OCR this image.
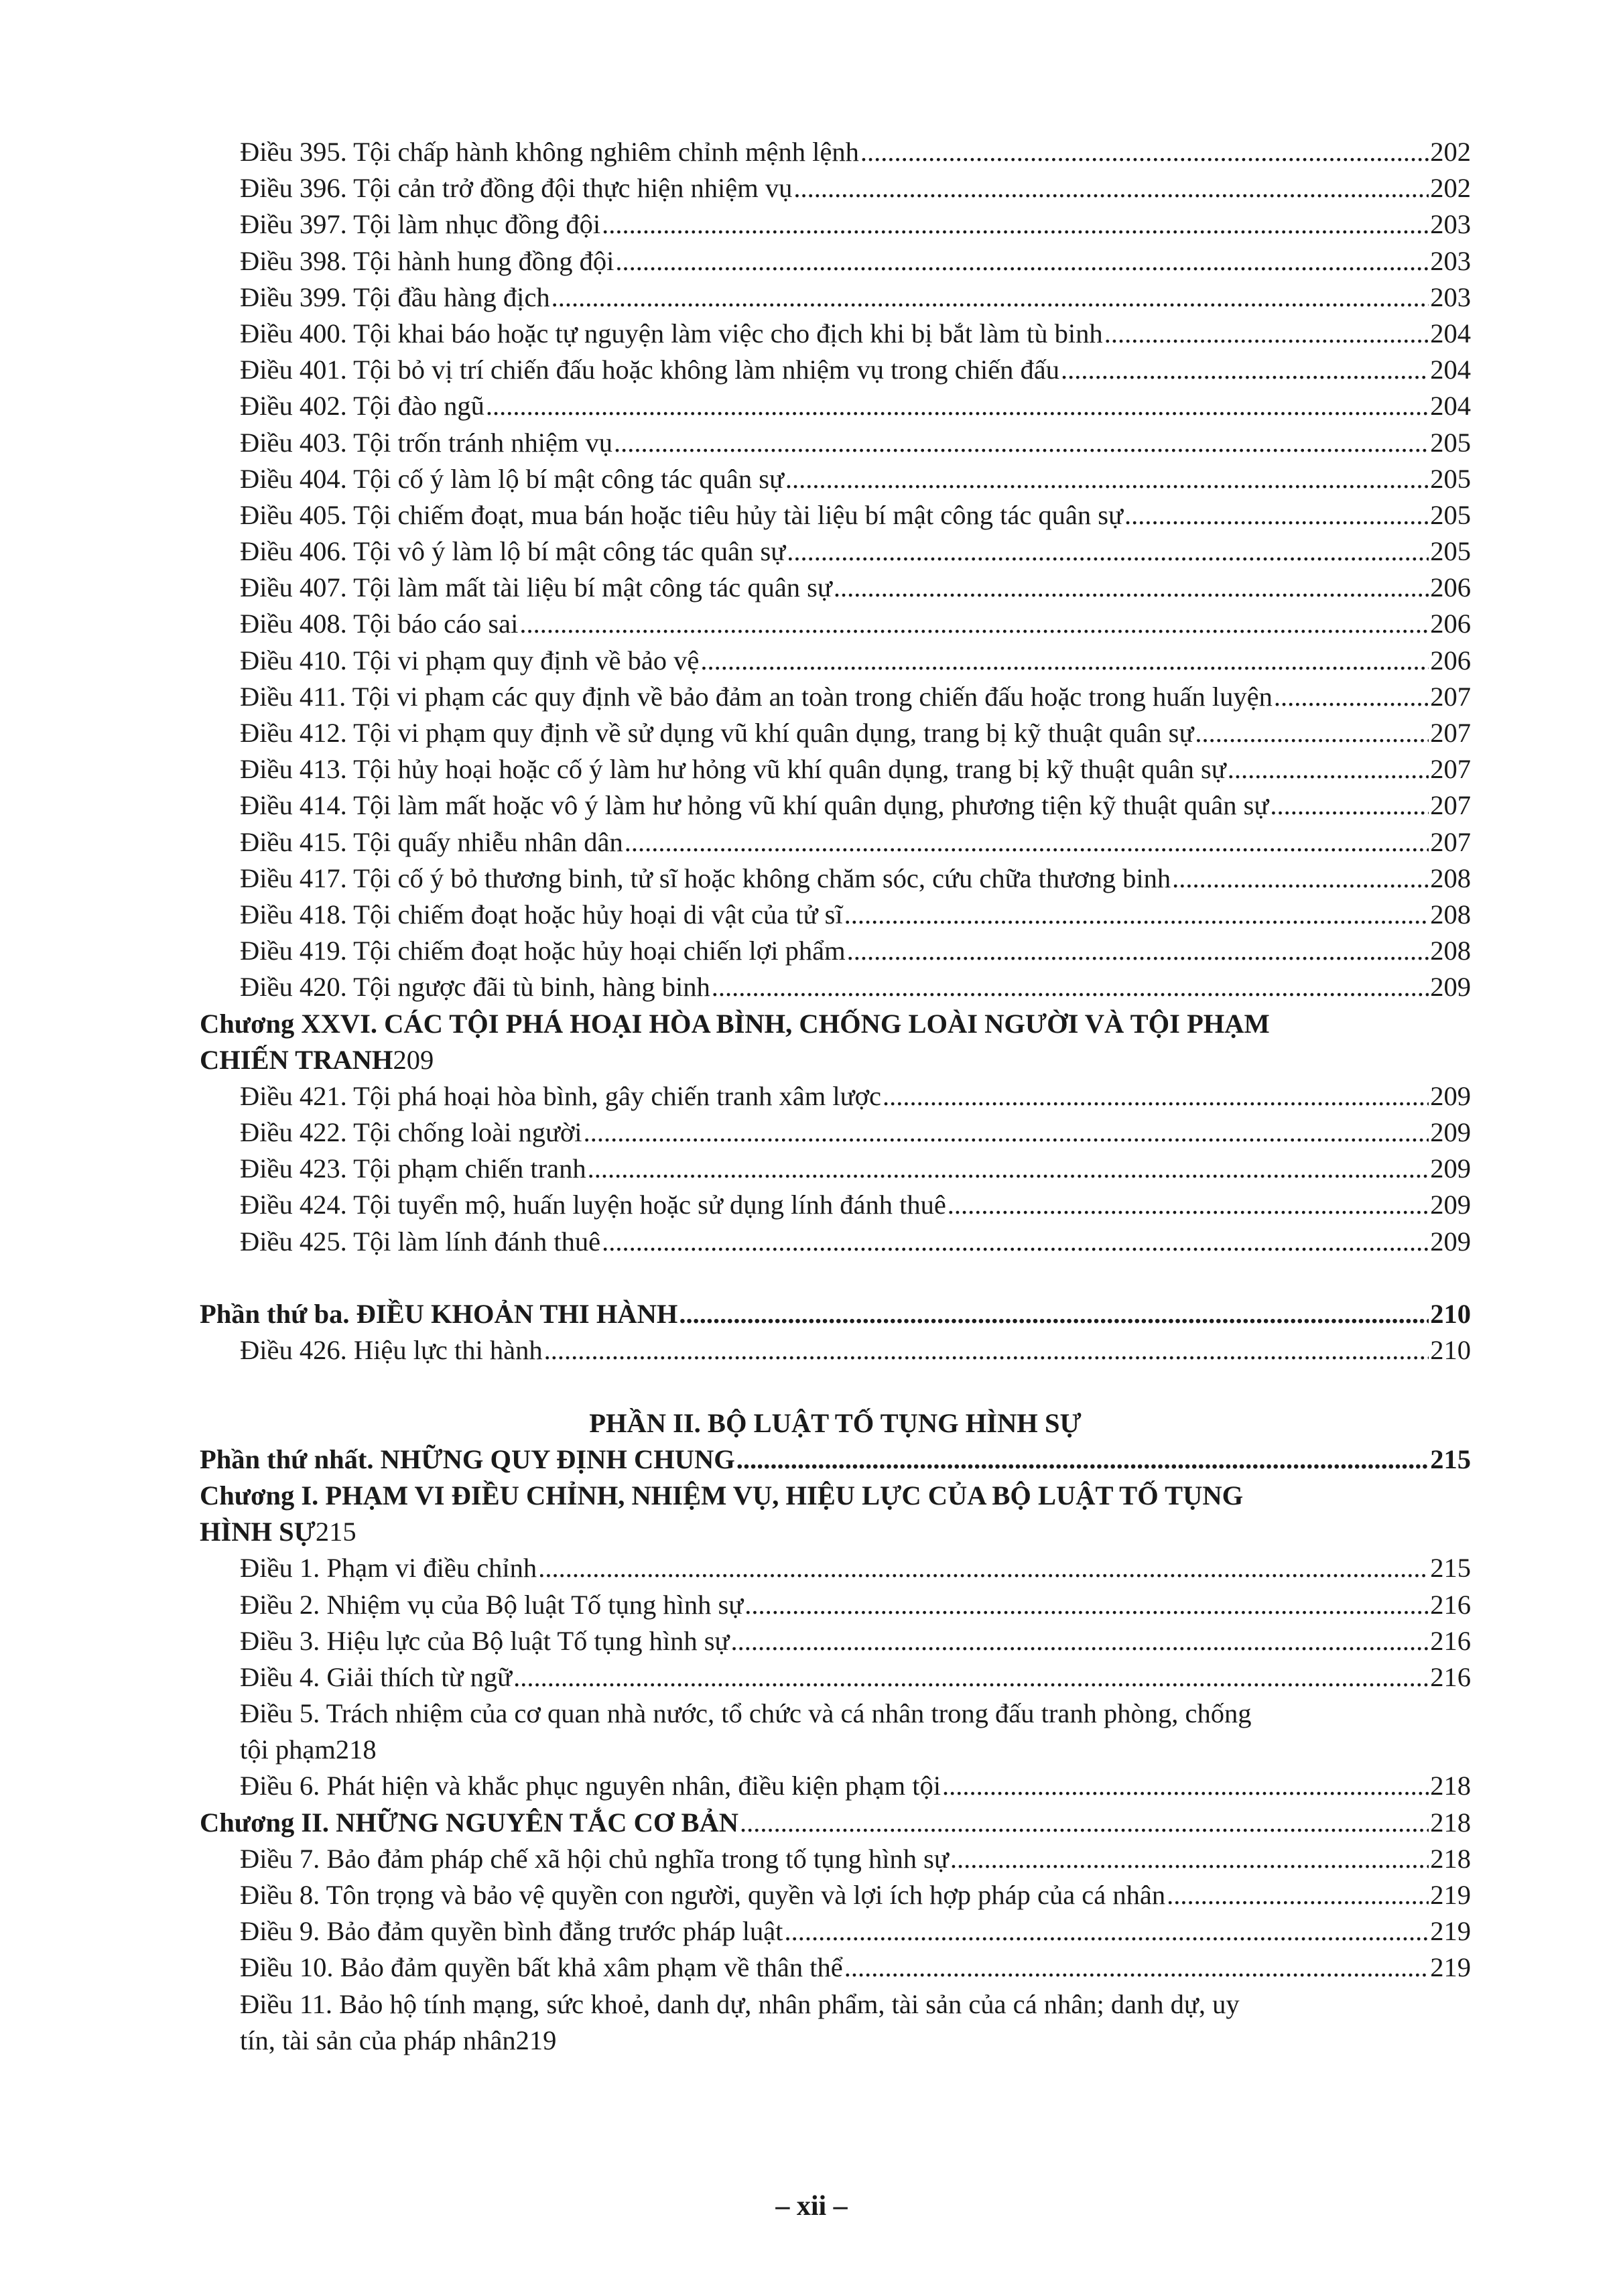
Điều 395. Tội chấp hành không nghiêm chỉnh mệnh lệnh .....	202
Điều 396. Tội cản trở đồng đội thực hiện nhiệm vụ .....	202
Điều 397. Tội làm nhục đồng đội .....	203
Điều 398. Tội hành hung đồng đội .....	203
Điều 399. Tội đầu hàng địch .....	203
Điều 400. Tội khai báo hoặc tự nguyện làm việc cho địch khi bị bắt làm tù binh .....	204
Điều 401. Tội bỏ vị trí chiến đấu hoặc không làm nhiệm vụ trong chiến đấu .....	204
Điều 402. Tội đào ngũ .....	204
Điều 403. Tội trốn tránh nhiệm vụ .....	205
Điều 404. Tội cố ý làm lộ bí mật công tác quân sự .....	205
Điều 405. Tội chiếm đoạt, mua bán hoặc tiêu hủy tài liệu bí mật công tác quân sự .....	205
Điều 406. Tội vô ý làm lộ bí mật công tác quân sự .....	205
Điều 407. Tội làm mất tài liệu bí mật công tác quân sự .....	206
Điều 408. Tội báo cáo sai .....	206
Điều 410. Tội vi phạm quy định về bảo vệ .....	206
Điều 411. Tội vi phạm các quy định về bảo đảm an toàn trong chiến đấu hoặc trong huấn luyện .....	207
Điều 412. Tội vi phạm quy định về sử dụng vũ khí quân dụng, trang bị kỹ thuật quân sự .....	207
Điều 413. Tội hủy hoại hoặc cố ý làm hư hỏng vũ khí quân dụng, trang bị kỹ thuật quân sự .....	207
Điều 414. Tội làm mất hoặc vô ý làm hư hỏng vũ khí quân dụng, phương tiện kỹ thuật quân sự .....	207
Điều 415. Tội quấy nhiễu nhân dân .....	207
Điều 417. Tội cố ý bỏ thương binh, tử sĩ hoặc không chăm sóc, cứu chữa thương binh .....	208
Điều 418. Tội chiếm đoạt hoặc hủy hoại di vật của tử sĩ .....	208
Điều 419. Tội chiếm đoạt hoặc hủy hoại chiến lợi phẩm .....	208
Điều 420. Tội ngược đãi tù binh, hàng binh .....	209
Chương XXVI. CÁC TỘI PHÁ HOẠI HÒA BÌNH, CHỐNG LOÀI NGƯỜI VÀ TỘI PHẠM
CHIẾN TRANH 209
Điều 421. Tội phá hoại hòa bình, gây chiến tranh xâm lược .....	209
Điều 422. Tội chống loài người .....	209
Điều 423. Tội phạm chiến tranh .....	209
Điều 424. Tội tuyển mộ, huấn luyện hoặc sử dụng lính đánh thuê .....	209
Điều 425. Tội làm lính đánh thuê .....	209
Phần thứ ba. ĐIỀU KHOẢN THI HÀNH .....	210
Điều 426. Hiệu lực thi hành .....	210
PHẦN II. BỘ LUẬT TỐ TỤNG HÌNH SỰ
Phần thứ nhất. NHỮNG QUY ĐỊNH CHUNG .....	215
Chương I. PHẠM VI ĐIỀU CHỈNH, NHIỆM VỤ, HIỆU LỰC CỦA BỘ LUẬT TỐ TỤNG
HÌNH SỰ 215
Điều 1. Phạm vi điều chỉnh .....	215
Điều 2. Nhiệm vụ của Bộ luật Tố tụng hình sự .....	216
Điều 3. Hiệu lực của Bộ luật Tố tụng hình sự .....	216
Điều 4. Giải thích từ ngữ .....	216
Điều 5. Trách nhiệm của cơ quan nhà nước, tổ chức và cá nhân trong đấu tranh phòng, chống
tội phạm 218
Điều 6. Phát hiện và khắc phục nguyên nhân, điều kiện phạm tội .....	218
Chương II. NHỮNG NGUYÊN TẮC CƠ BẢN .....	218
Điều 7. Bảo đảm pháp chế xã hội chủ nghĩa trong tố tụng hình sự .....	218
Điều 8. Tôn trọng và bảo vệ quyền con người, quyền và lợi ích hợp pháp của cá nhân .....	219
Điều 9. Bảo đảm quyền bình đẳng trước pháp luật .....	219
Điều 10. Bảo đảm quyền bất khả xâm phạm về thân thể .....	219
Điều 11. Bảo hộ tính mạng, sức khoẻ, danh dự, nhân phẩm, tài sản của cá nhân; danh dự, uy
tín, tài sản của pháp nhân 219
– xii –
